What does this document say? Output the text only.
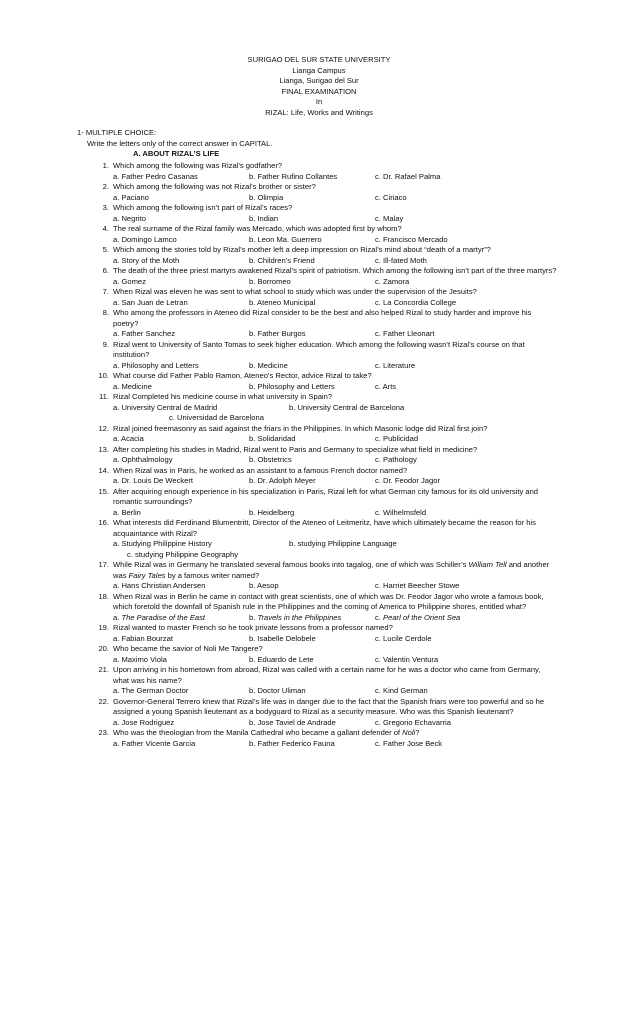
SURIGAO DEL SUR STATE UNIVERSITY
Lianga Campus
Lianga, Surigao del Sur
FINAL EXAMINATION
In
RIZAL: Life, Works and Writings
1- MULTIPLE CHOICE:
Write the letters only of the correct answer in CAPITAL.
A. ABOUT RIZAL’S LIFE
1. Which among the following was Rizal’s godfather?
a. Father Pedro Casanas	b. Father Rufino Collantes	c. Dr. Rafael Palma
2. Which among the following was not Rizal’s brother or sister?
a. Paciano	b. Olimpia	c. Ciriaco
3. Which among the following isn’t part of Rizal’s races?
a. Negrito	b. Indian	c. Malay
4. The real surname of the Rizal family was Mercado, which was adopted first by whom?
a. Domingo Lamco	b. Leon Ma. Guerrero	c. Francisco Mercado
5. Which among the stories told by Rizal’s mother left a deep impression on Rizal’s mind about “death of a martyr”?
a. Story of the Moth	b. Children’s Friend	c. Ill-fated Moth
6. The death of the three priest martyrs awakened Rizal’s spirit of patriotism. Which among the following isn’t part of the three martyrs?
a. Gomez	b. Borromeo	c. Zamora
7. When Rizal was eleven he was sent to what school to study which was under the supervision of the Jesuits?
a. San Juan de Letran	b. Ateneo Municipal	c. La Concordia College
8. Who among the professors in Ateneo did Rizal consider to be the best and also helped Rizal to study harder and improve his poetry?
a. Father Sanchez	b. Father Burgos	c. Father Lleonart
9. Rizal went to University of Santo Tomas to seek higher education. Which among the following wasn’t Rizal’s course on that institution?
a. Philosophy and Letters	b. Medicine	c. Literature
10. What course did Father Pablo Ramon, Ateneo’s Rector, advice Rizal to take?
a. Medicine	b. Philosophy and Letters	c. Arts
11. Rizal Completed his medicine course in what university in Spain?
a. University Central de Madrid	b. University Central de Barcelona
c. Universidad de Barcelona
12. Rizal joined freemasonry as said against the friars in the Philippines. In which Masonic lodge did Rizal first join?
a. Acacia	b. Solidaridad	c. Publicidad
13. After completing his studies in Madrid, Rizal went to Paris and Germany to specialize what field in medicine?
a. Ophthalmology	b. Obstetrics	c. Pathology
14. When Rizal was in Paris, he worked as an assistant to a famous French doctor named?
a. Dr. Louis De Weckert	b. Dr. Adolph Meyer	c. Dr. Feodor Jagor
15. After acquiring enough experience in his specialization in Paris, Rizal left for what German city famous for its old university and romantic surroundings?
a. Berlin	b. Heidelberg	c. Wilhelmsfeld
16. What interests did Ferdinand Blumentritt, Director of the Ateneo of Leitmeritz, have which ultimately became the reason for his acquaintance with Rizal?
a. Studying Philippine History	b. studying Philippine Language
c. studying Philippine Geography
17. While Rizal was in Germany he translated several famous books into tagalog, one of which was Schiller’s William Tell and another was Fairy Tales by a famous writer named?
a. Hans Christian Andersen	b. Aesop	c. Harriet Beecher Stowe
18. When Rizal was in Berlin he came in contact with great scientists, one of which was Dr. Feodor Jagor who wrote a famous book, which foretold the downfall of Spanish rule in the Philippines and the coming of America to Philippine shores, entitled what?
a. The Paradise of the East	b. Travels in the Philippines	c. Pearl of the Orient Sea
19. Rizal wanted to master French so he took private lessons from a professor named?
a. Fabian Bourzat	b. Isabelle Delobele	c. Lucile Cerdole
20. Who became the savior of Noli Me Tangere?
a. Maximo Viola	b. Eduardo de Lete	c. Valentin Ventura
21. Upon arriving in his hometown from abroad, Rizal was called with a certain name for he was a doctor who came from Germany, what was his name?
a. The German Doctor	b. Doctor Uliman	c. Kind German
22. Governor-General Terrero knew that Rizal’s life was in danger due to the fact that the Spanish friars were too powerful and so he assigned a young Spanish lieutenant as a bodyguard to Rizal as a security measure. Who was this Spanish lieutenant?
a. Jose Rodriguez	b. Jose Taviel de Andrade	c. Gregorio Echavarria
23. Who was the theologian from the Manila Cathedral who became a gallant defender of Noli?
a. Father Vicente Garcia	b. Father Federico Fauna	c. Father Jose Beck
